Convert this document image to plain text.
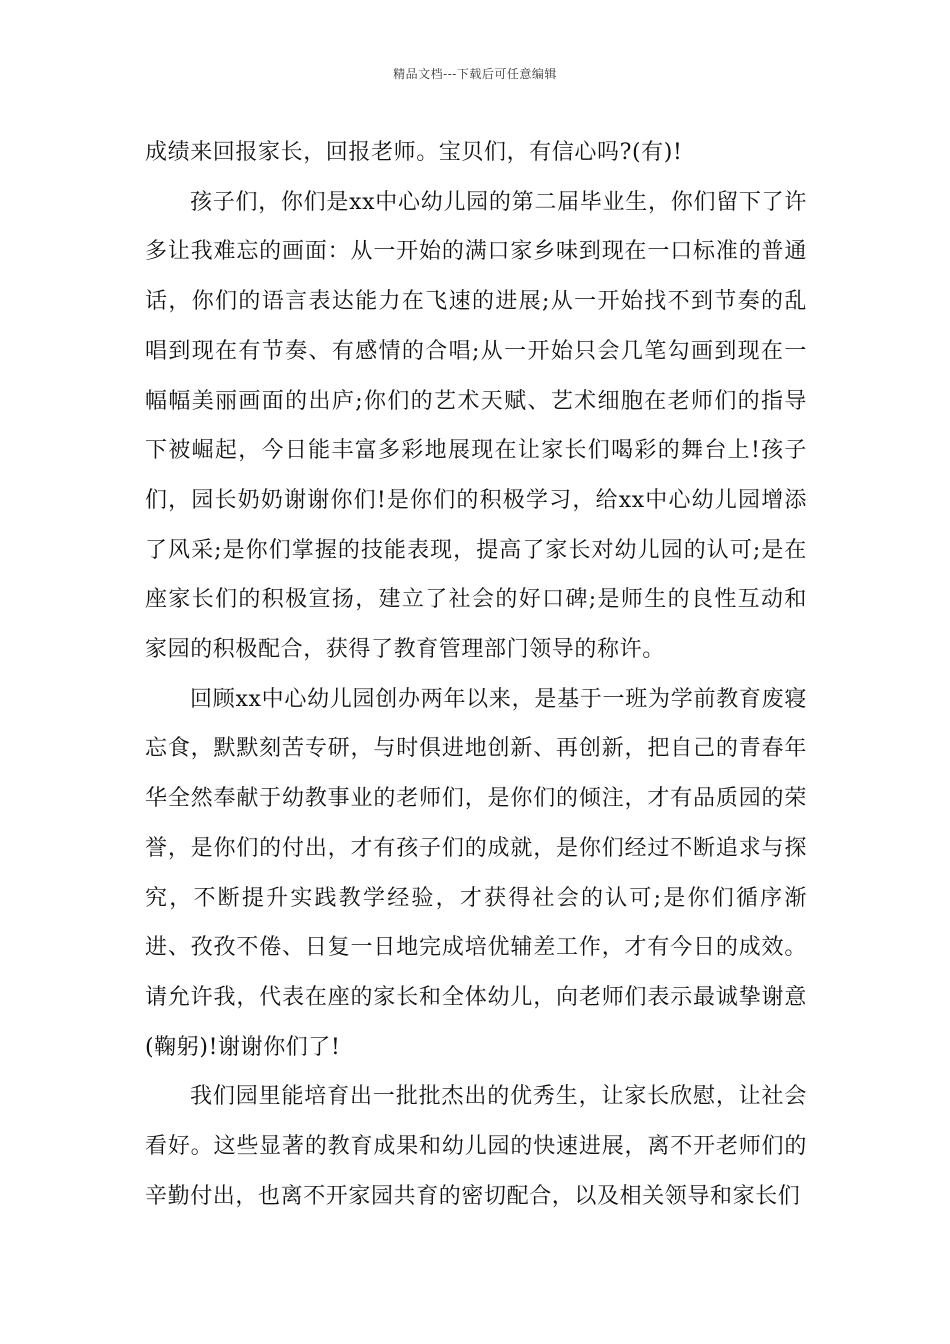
精品文档---下载后可任意编辑

成绩来回报家长，回报老师。宝贝们，有信心吗?(有)!

孩子们，你们是xx中心幼儿园的第二届毕业生，你们留下了许多让我难忘的画面：从一开始的满口家乡味到现在一口标准的普通话，你们的语言表达能力在飞速的进展;从一开始找不到节奏的乱唱到现在有节奏、有感情的合唱;从一开始只会几笔勾画到现在一幅幅美丽画面的出庐;你们的艺术天赋、艺术细胞在老师们的指导下被崛起，今日能丰富多彩地展现在让家长们喝彩的舞台上!孩子们，园长奶奶谢谢你们!是你们的积极学习，给xx中心幼儿园增添了风采;是你们掌握的技能表现，提高了家长对幼儿园的认可;是在座家长们的积极宣扬，建立了社会的好口碑;是师生的良性互动和家园的积极配合，获得了教育管理部门领导的称许。

回顾xx中心幼儿园创办两年以来，是基于一班为学前教育废寝忘食，默默刻苦专研，与时俱进地创新、再创新，把自己的青春年华全然奉献于幼教事业的老师们，是你们的倾注，才有品质园的荣誉，是你们的付出，才有孩子们的成就，是你们经过不断追求与探究，不断提升实践教学经验，才获得社会的认可;是你们循序渐进、孜孜不倦、日复一日地完成培优辅差工作，才有今日的成效。请允许我，代表在座的家长和全体幼儿，向老师们表示最诚挚谢意(鞠躬)!谢谢你们了!

我们园里能培育出一批批杰出的优秀生，让家长欣慰，让社会看好。这些显著的教育成果和幼儿园的快速进展，离不开老师们的辛勤付出，也离不开家园共育的密切配合，以及相关领导和家长们
